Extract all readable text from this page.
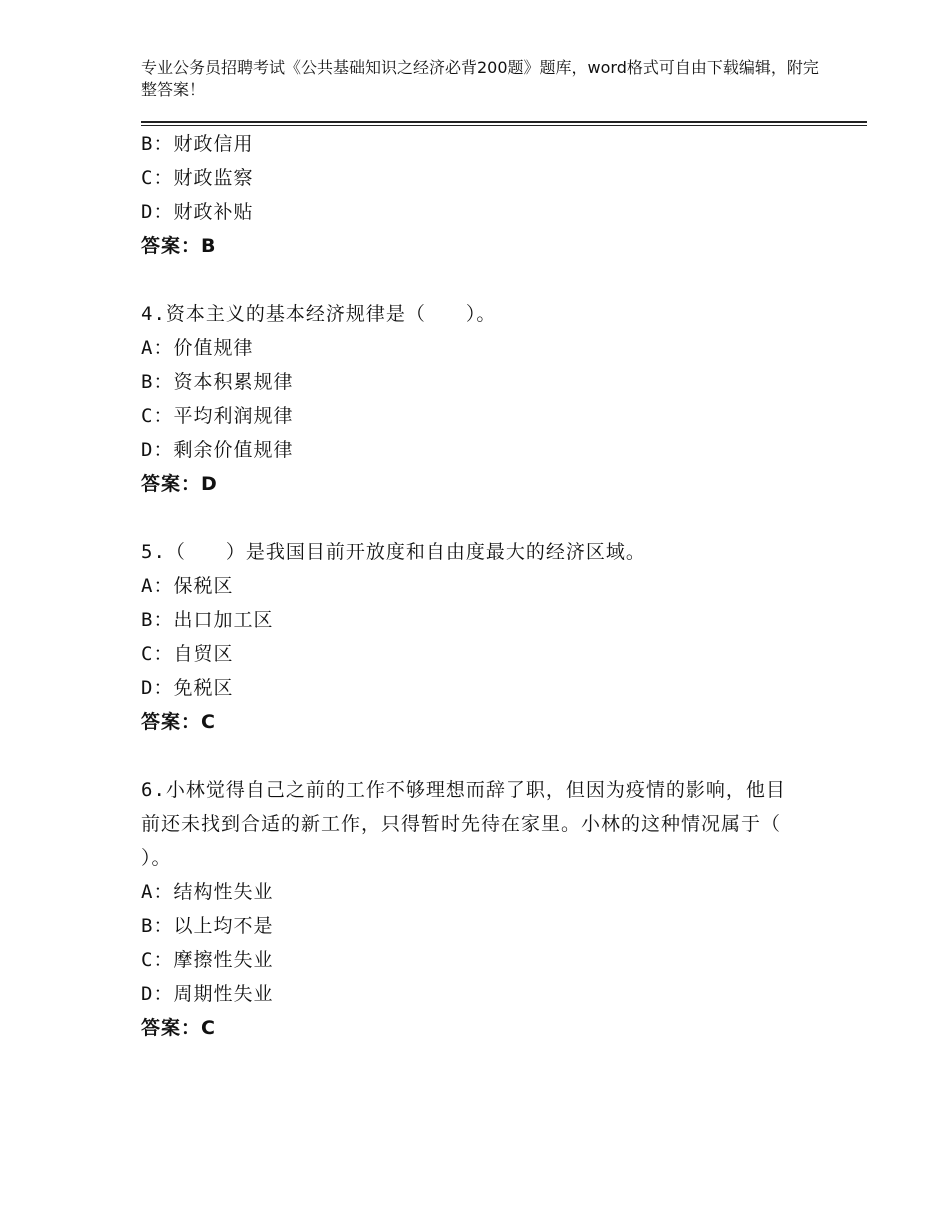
专业公务员招聘考试《公共基础知识之经济必背200题》题库，word格式可自由下载编辑，附完整答案！
B：财政信用
C：财政监察
D：财政补贴
答案：B
4.资本主义的基本经济规律是（　　）。
A：价值规律
B：资本积累规律
C：平均利润规律
D：剩余价值规律
答案：D
5.（　　）是我国目前开放度和自由度最大的经济区域。
A：保税区
B：出口加工区
C：自贸区
D：免税区
答案：C
6.小林觉得自己之前的工作不够理想而辞了职，但因为疫情的影响，他目前还未找到合适的新工作，只得暂时先待在家里。小林的这种情况属于（　　）。
A：结构性失业
B：以上均不是
C：摩擦性失业
D：周期性失业
答案：C
